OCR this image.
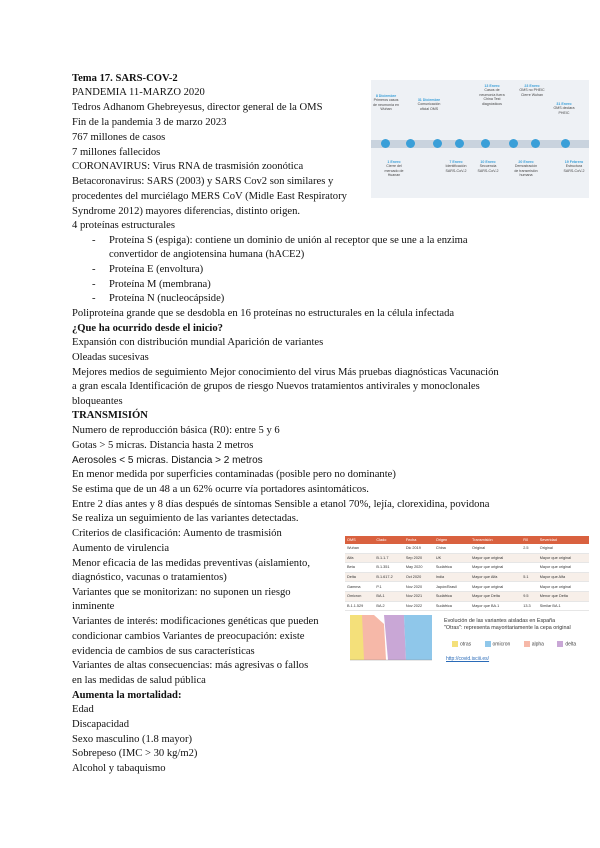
Tema 17. SARS-COV-2
PANDEMIA 11-MARZO 2020
Tedros Adhanom Ghebreyesus, director general de la OMS
Fin de la pandemia 3 de marzo 2023
767 millones de casos
7 millones fallecidos
CORONAVIRUS: Virus RNA de trasmisión zoonótica
Betacoronavirus: SARS (2003) y SARS Cov2 son similares y
procedentes del murciélago MERS CoV (Midle East Respiratory
Syndrome 2012) mayores diferencias, distinto origen.
4 proteínas estructurales
- Proteína S (espiga): contiene un dominio de unión al receptor que se une a la enzima
convertidor de angiotensina humana (hACE2)
- Proteína E (envoltura)
- Proteína M (membrana)
- Proteína N (nucleocápside)
Poliproteína grande que se desdobla en 16 proteínas no estructurales en la célula infectada
¿Que ha ocurrido desde el inicio?
Expansión con distribución mundial Aparición de variantes
Oleadas sucesivas
Mejores medios de seguimiento Mejor conocimiento del virus Más pruebas diagnósticas Vacunación
a gran escala Identificación de grupos de riesgo Nuevos tratamientos antivirales y monoclonales
bloqueantes
TRANSMISIÓN
Numero de reproducción básica (R0): entre 5 y 6
Gotas > 5 micras. Distancia hasta 2 metros
Aerosoles < 5 micras. Distancia > 2 metros
En menor medida por superficies contaminadas (posible pero no dominante)
Se estima que de un 48 a un 62% ocurre vía portadores asintomáticos.
Entre 2 días antes y 8 días después de síntomas Sensible a etanol 70%, lejía, clorexidina, povidona
Se realiza un seguimiento de las variantes detectadas.
Criterios de clasificación: Aumento de trasmisión
Aumento de virulencia
Menor eficacia de las medidas preventivas (aislamiento,
diagnóstico, vacunas o tratamientos)
Variantes que se monitorizan: no suponen un riesgo
inminente
Variantes de interés: modificaciones genéticas que pueden
condicionar cambios Variantes de preocupación: existe
evidencia de cambios de sus características
Variantes de altas consecuencias: más agresivas o fallos
en las medidas de salud pública
Aumenta la mortalidad:
Edad
Discapacidad
Sexo masculino (1.8 mayor)
Sobrepeso (IMC > 30 kg/m2)
Alcohol y tabaquismo
8 Diciembre
Primeros casos de neumonía en Wuhan
31 Diciembre
Comunicación oficial OMS
13 Enero
Casos de neumonía fuera China Test diagnósticos
23 Enero
OMS no PHEIC Cierre Wuhan
31 Enero
OMS declara PHEIC
1 Enero
Cierre del mercado de Huanan
7 Enero
Identificación SARS-CoV-2
10 Enero
Secuencia SARS-CoV-2
20 Enero
Demostración de transmisión humana
19 Febrero
Estructura SARS-CoV-2
OMS	Clado	Fecha	Origen	Transmisión	R0	Severidad
Wuhan		Dic 2019	China	Original	2.5	Original
Alfa	B.1.1.7	Sep 2020	UK	Mayor que original		Mayor que original
Beta	B.1.351	May 2020	Sudáfrica	Mayor que original		Mayor que original
Delta	B.1.617.2	Oct 2020	India	Mayor que Alfa	5.1	Mayor que Alfa
Gamma	P.1	Nov 2020	Japón/Brasil	Mayor que original		Mayor que original
Omicron	BA.1	Nov 2021	Sudáfrica	Mayor que Delta	9.5	Menor que Delta
B.1.1.529	BA.2	Nov 2022	Sudáfrica	Mayor que BA.1	13.3	Similar BA.1
Evolución de las variantes aisladas en España
"Otras": representa mayoritariamente la cepa original
otras	omicron	alpha	delta
http://covid.isciii.es/
